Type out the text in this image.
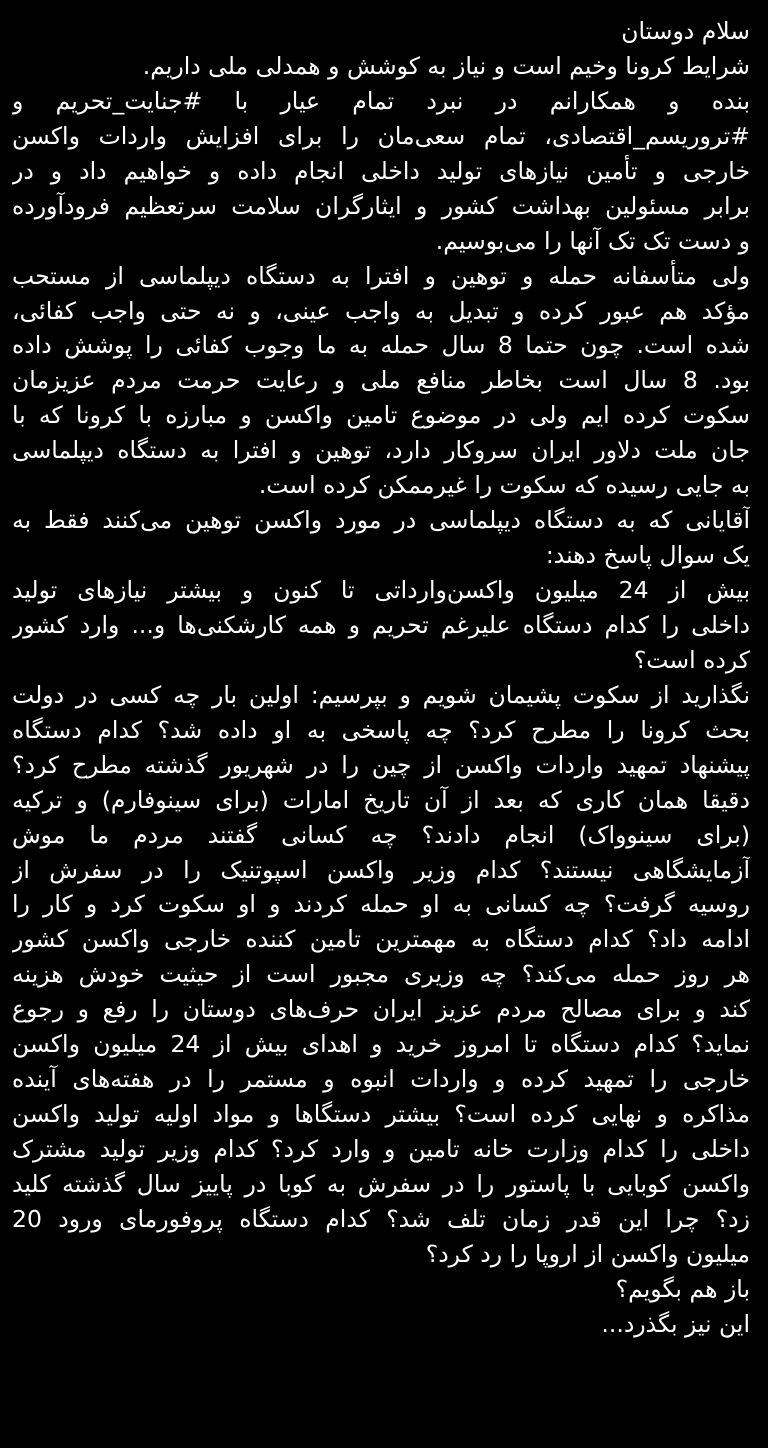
سلام دوستان
شرایط کرونا وخیم است و نیاز به کوشش و همدلی ملی داریم.
بنده و همکارانم در نبرد تمام عیار با #جنایت_تحریم و
#تروریسم_اقتصادی، تمام سعی‌مان را برای افزایش واردات واکسن
خارجی و تأمین نیازهای تولید داخلی انجام داده و خواهیم داد و در
برابر مسئولین بهداشت کشور و ایثارگران سلامت سرتعظیم فرودآورده
و دست تک تک آنها را می‌بوسیم.
ولی متأسفانه حمله و توهین و افترا به دستگاه دیپلماسی از مستحب
مؤکد هم عبور کرده و تبدیل به واجب عینی، و نه حتی واجب کفائی،
شده است. چون حتما 8 سال حمله به ما وجوب کفائی را پوشش داده
بود. 8 سال است بخاطر منافع ملی و رعایت حرمت مردم عزیزمان
سکوت کرده ایم ولی در موضوع تامین واکسن و مبارزه با کرونا که با
جان ملت دلاور ایران سروکار دارد، توهین و افترا به دستگاه دیپلماسی
به جایی رسیده که سکوت را غیرممکن کرده است.
آقایانی که به دستگاه دیپلماسی در مورد واکسن توهین می‌کنند فقط به
یک سوال پاسخ دهند:
بیش از 24 میلیون واکسن‌وارداتی تا کنون و بیشتر نیازهای تولید
داخلی را کدام دستگاه علیرغم تحریم و همه کارشکنی‌ها و... وارد کشور
کرده است؟
نگذارید از سکوت پشیمان شویم و بپرسیم: اولین بار چه کسی در دولت
بحث کرونا را مطرح کرد؟ چه پاسخی به او داده شد؟ کدام دستگاه
پیشنهاد تمهید واردات واکسن از چین را در شهریور گذشته مطرح کرد؟
دقیقا همان کاری که بعد از آن تاریخ امارات (برای سینوفارم) و ترکیه
(برای سینوواک) انجام دادند؟ چه کسانی گفتند مردم ما موش
آزمایشگاهی نیستند؟ کدام وزیر واکسن اسپوتنیک را در سفرش از
روسیه گرفت؟ چه کسانی به او حمله کردند و او سکوت کرد و کار را
ادامه داد؟ کدام دستگاه به مهمترین تامین کننده خارجی واکسن کشور
هر روز حمله می‌کند؟ چه وزیری مجبور است از حیثیت خودش هزینه
کند و برای مصالح مردم عزیز ایران حرف‌های دوستان را رفع و رجوع
نماید؟ کدام دستگاه تا امروز خرید و اهدای بیش از 24 میلیون واکسن
خارجی را تمهید کرده و واردات انبوه و مستمر را در هفته‌های آینده
مذاکره و نهایی کرده است؟ بیشتر دستگاها و مواد اولیه تولید واکسن
داخلی را کدام وزارت خانه تامین و وارد کرد؟ کدام وزیر تولید مشترک
واکسن کوبایی با پاستور را در سفرش به کوبا در پاییز سال گذشته کلید
زد؟ چرا این قدر زمان تلف شد؟ کدام دستگاه پروفورمای ورود 20
میلیون واکسن از اروپا را رد کرد؟
باز هم بگویم؟
این نیز بگذرد...
